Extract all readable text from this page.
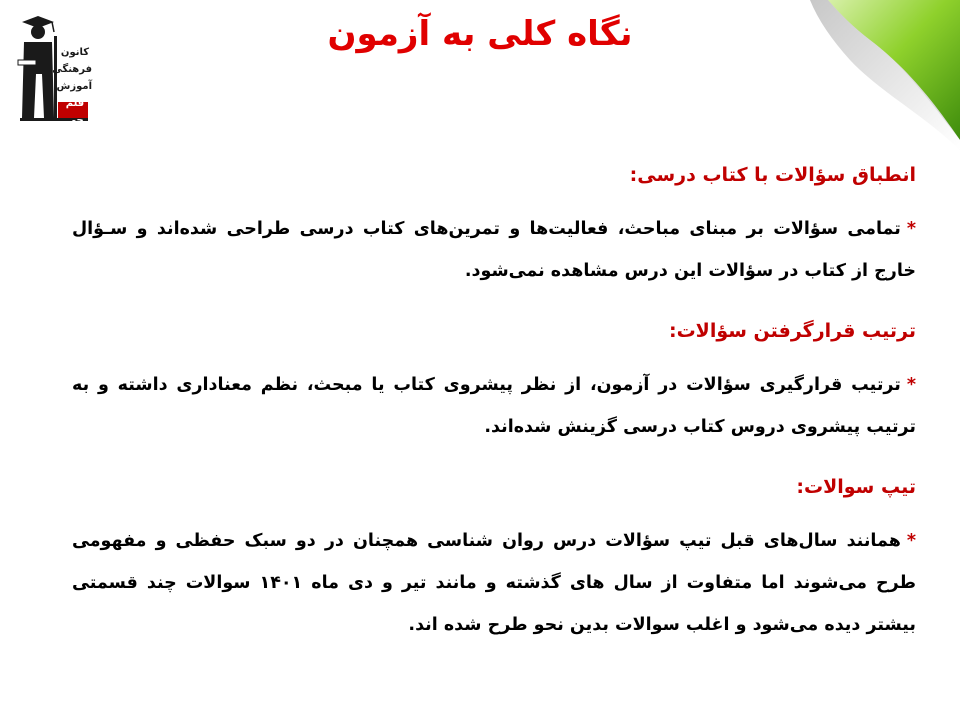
کانون
فرهنگی
آموزش
قلم چی
نگاه کلی به آزمون

انطباق سؤالات با کتاب درسی:

*تمامی سؤالات بر مبنای مباحث، فعالیت‌ها و تمرین‌های کتاب درسی طراحی شده‌اند و سـؤال خارج از کتاب در سؤالات این درس مشاهده نمی‌شود.

ترتیب قرارگرفتن سؤالات:

*ترتیب قرارگیری سؤالات در آزمون، از نظر پیشروی کتاب یا مبحث، نظم معناداری داشته و به ترتیب پیشروی دروس کتاب درسی گزینش شده‌اند.

تیپ سوالات:

*همانند سال‌های قبل تیپ سؤالات درس روان شناسی همچنان در دو سبک حفظی و مفهومی طرح می‌شوند اما متفاوت از سال های گذشته و مانند تیر و دی ماه ۱۴۰۱ سوالات چند قسمتی بیشتر دیده می‌شود و اغلب سوالات بدین نحو طرح شده اند.
